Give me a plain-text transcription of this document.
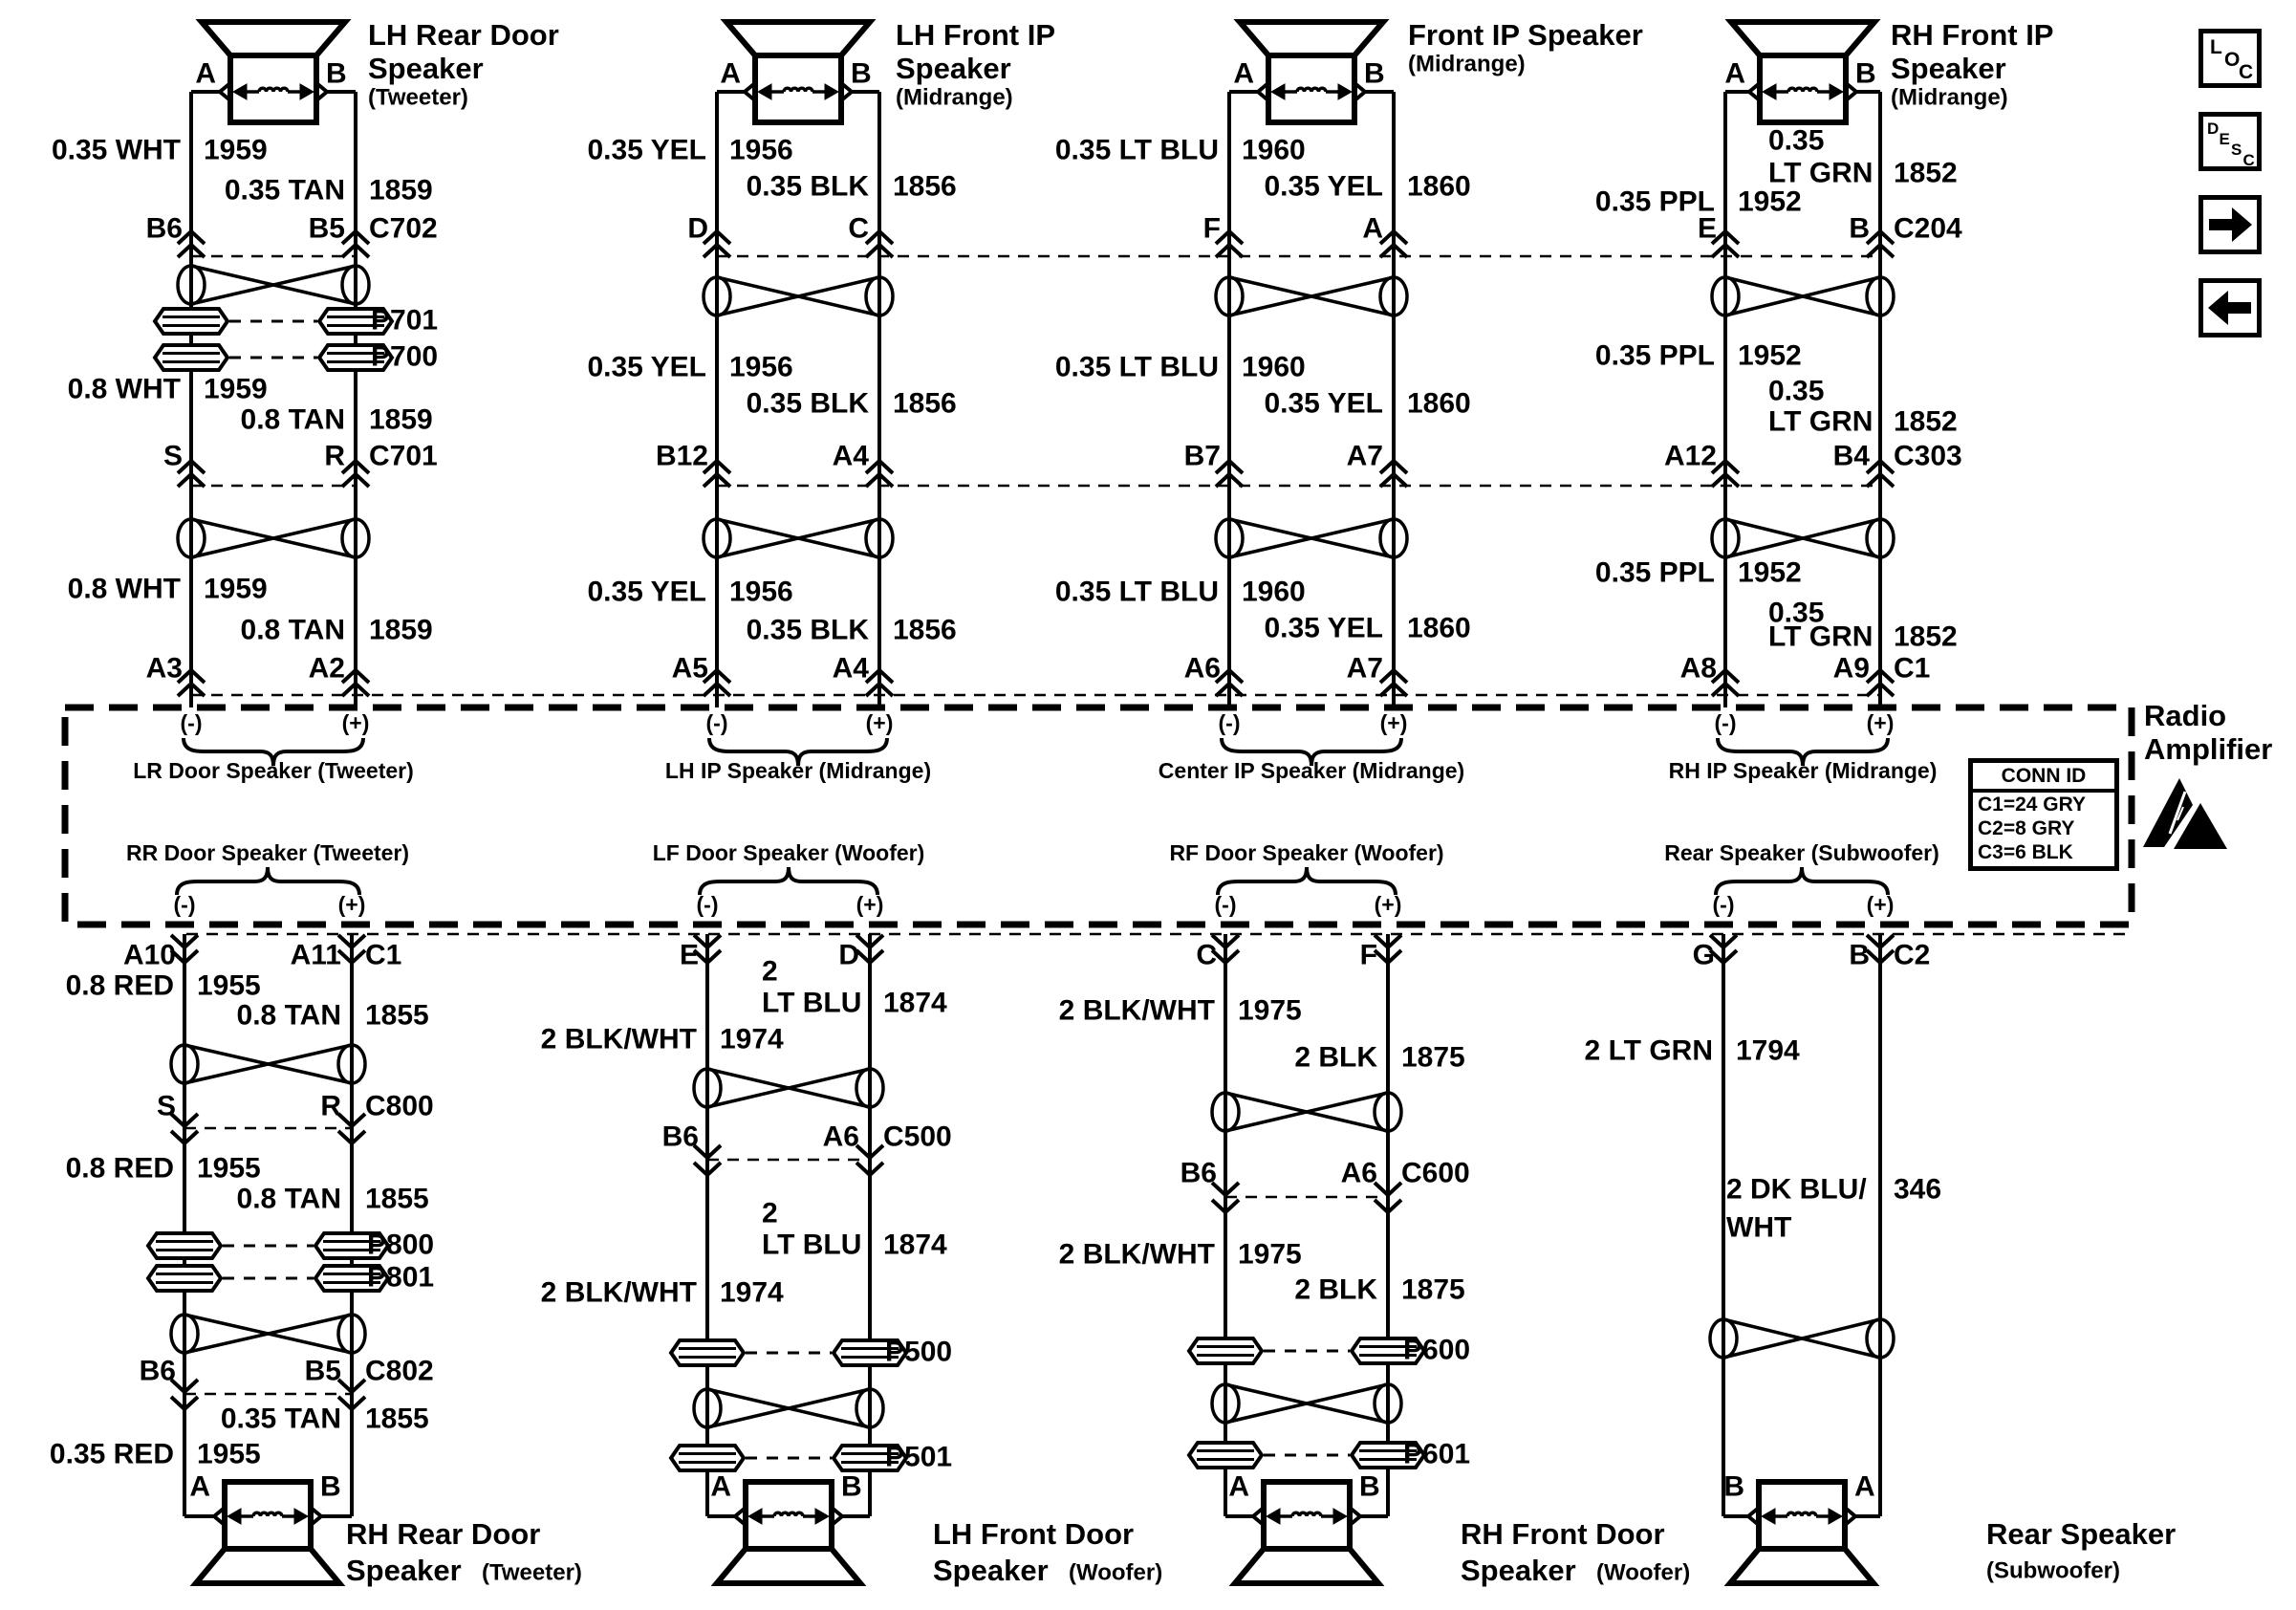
P701
P700
A	B
LH Rear Door
Speaker
(Tweeter)
0.35 WHT 1959
0.35 TAN 1859
B6	B5 C702
0.8 WHT 1959
0.8 TAN 1859
S	R C701
0.8 WHT 1959
0.8 TAN 1859
A3	A2
A	B
LH Front IP
Speaker
(Midrange)
0.35 YEL 1956
0.35 BLK 1856
D	C
0.35 YEL 1956
0.35 BLK 1856
B12	A4
0.35 YEL 1956
0.35 BLK 1856
A5	A4
A	B
Front IP Speaker
(Midrange)
0.35 LT BLU 1960
0.35 YEL 1860
F	A
0.35 LT BLU 1960
0.35 YEL 1860
B7	A7
0.35 LT BLU 1960
0.35 YEL 1860
A6	A7
A	B
RH Front IP
Speaker
(Midrange)
0.35 PPL 1952
0.35
LT GRN 1852
E	B C204
0.35 PPL 1952
0.35
LT GRN 1852
A12	B4 C303
0.35 PPL 1952
0.35
LT GRN 1852
A8	A9 C1
(-)	(+)
LR Door Speaker (Tweeter)
(-)	(+)
LH IP Speaker (Midrange)
(-)	(+)
Center IP Speaker (Midrange)
(-)	(+)
RH IP Speaker (Midrange)
RR Door Speaker (Tweeter)
(-)	(+)
LF Door Speaker (Woofer)
(-)	(+)
RF Door Speaker (Woofer)
(-)	(+)
Rear Speaker (Subwoofer)
(-)	(+)
P800
P801
A10	A11 C1
0.8 RED 1955
0.8 TAN 1855
S	R C800
0.8 RED 1955
0.8 TAN 1855
B6	B5 C802
0.35 RED 1955
0.35 TAN 1855
A	B
RH Rear Door
Speaker (Tweeter)
P500
P501
E	D
2 BLK/WHT 1974
2
LT BLU 1874
B6	A6 C500
2 BLK/WHT 1974
2
LT BLU 1874
A	B
LH Front Door
Speaker (Woofer)
P600
P601
C	F
2 BLK/WHT 1975
2 BLK 1875
B6	A6 C600
2 BLK/WHT 1975
2 BLK 1875
A	B
RH Front Door
Speaker (Woofer)
G	B C2
2 LT GRN 1794
2 DK BLU/
WHT
346
B	A
Rear Speaker
(Subwoofer)
L
O
C
D
E
S
C
Radio Amplifier
CONN ID
C1=24 GRY
C2=8 GRY
C3=6 BLK
